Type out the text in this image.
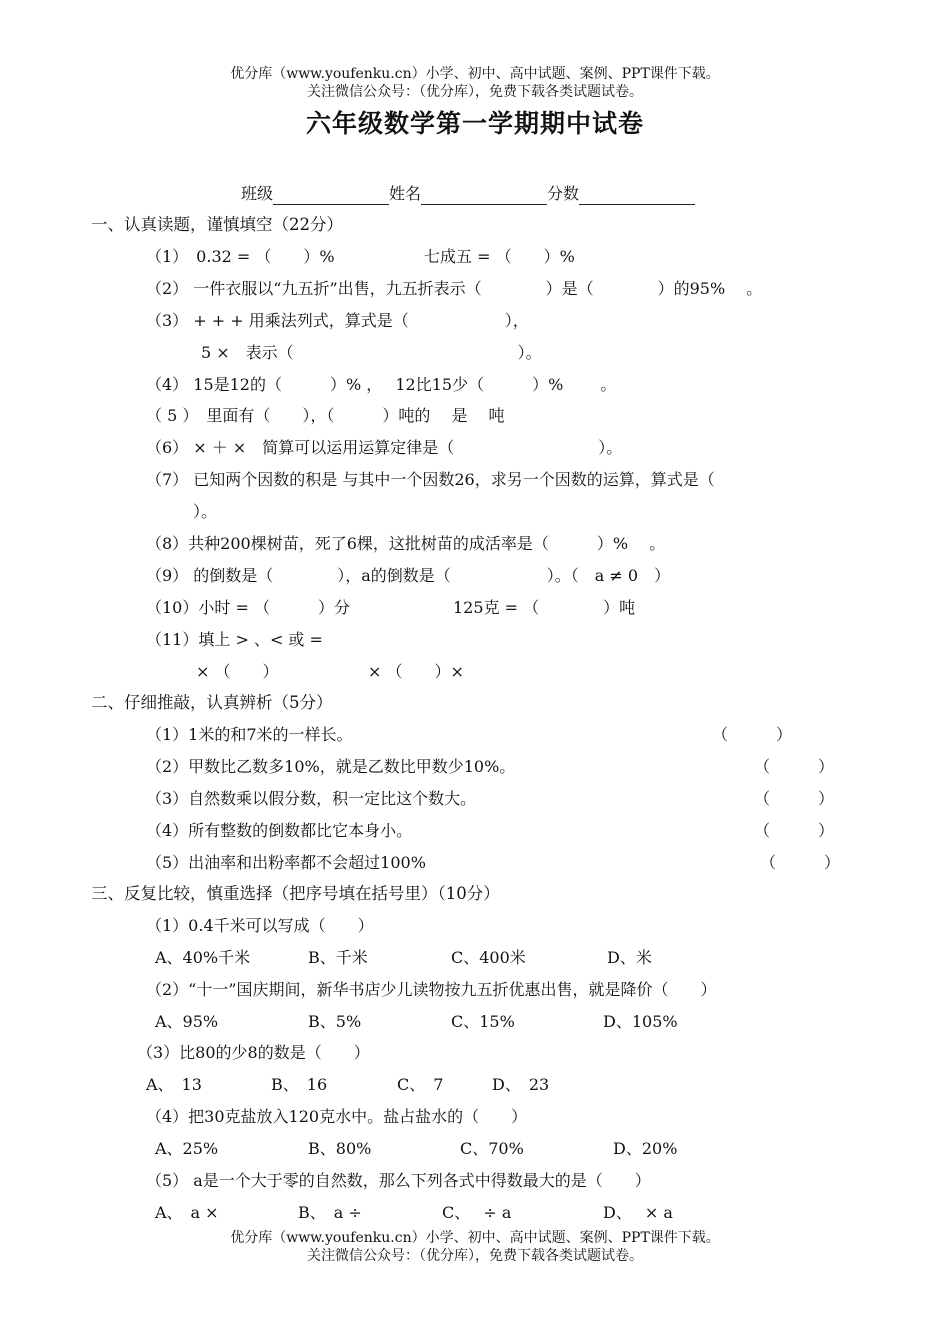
优分库（www.youfenku.cn）小学、初中、高中试题、案例、PPT课件下载。
关注微信公众号：（优分库），免费下载各类试题试卷。
六年级数学第一学期期中试卷
班级	姓名	分数
一、认真读题，谨慎填空（22分）
（1）　0.32 = （　　）%	七成五 = （　　）%
（2） 一件衣服以“九五折”出售，九五折表示（　　　　）是（　　　　）的95%　 。
（3） + + + 用乘法列式，算式是（　　　　　　），
5 ×　表示（　　　　　　　　　　　　　　）。
（4） 15是12的（　　　）% ，　 12比15少（　　　）%　　 。
（ 5 ）　里面有（　　），（　　　）吨的　 是　 吨
（6） × ＋ ×　简算可以运用运算定律是（　　　　　　　　　）。
（7） 已知两个因数的积是 与其中一个因数26，求另一个因数的运算，算式是（
）。
（8）共种200棵树苗，死了6棵，这批树苗的成活率是（　　　）%　 。
（9） 的倒数是（　　　　），a的倒数是（　　　　　　）。（　a ≠ 0　）
（10）小时 = （　　　）分	125克 = （　　　　）吨
（11）填上 > 、< 或 =
× （　　）	× （　　）×
二、仔细推敲，认真辨析（5分）
（1）1米的和7米的一样长。	（　　　）
（2）甲数比乙数多10%，就是乙数比甲数少10%。	（　　　）
（3）自然数乘以假分数，积一定比这个数大。	（　　　）
（4）所有整数的倒数都比它本身小。	（　　　）
（5）出油率和出粉率都不会超过100%	（　　　）
三、反复比较，慎重选择（把序号填在括号里）（10分）
（1）0.4千米可以写成（　　）
A、40%千米	B、千米	C、400米	D、米
（2）“十一”国庆期间，新华书店少儿读物按九五折优惠出售，就是降价（　　）
A、95%	B、5%	C、15%	D、105%
（3）比80的少8的数是（　　）
A、　13	B、　16	C、　7	D、　23
（4）把30克盐放入120克水中。盐占盐水的（　　）
A、25%	B、80%	C、70%	D、20%
（5） a是一个大于零的自然数，那么下列各式中得数最大的是（　　）
A、　a ×	B、　a ÷	C、　 ÷ a	D、　 × a
优分库（www.youfenku.cn）小学、初中、高中试题、案例、PPT课件下载。
关注微信公众号：（优分库），免费下载各类试题试卷。
